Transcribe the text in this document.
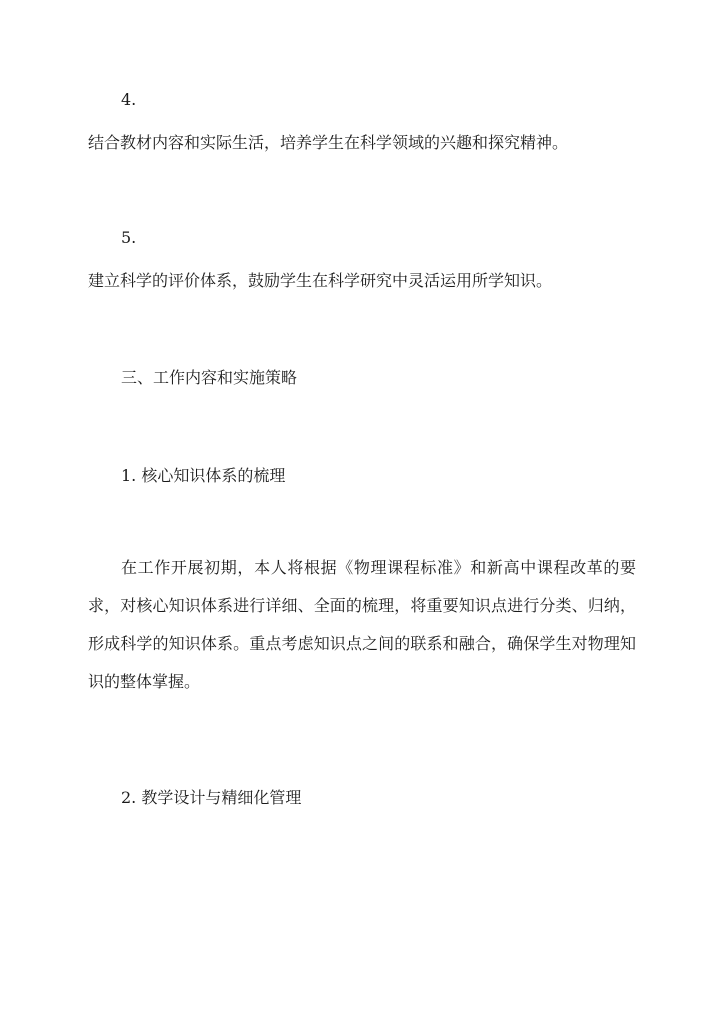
4.

结合教材内容和实际生活，培养学生在科学领域的兴趣和探究精神。

5.

建立科学的评价体系，鼓励学生在科学研究中灵活运用所学知识。

三、工作内容和实施策略

1. 核心知识体系的梳理

在工作开展初期，本人将根据《物理课程标准》和新高中课程改革的要求，对核心知识体系进行详细、全面的梳理，将重要知识点进行分类、归纳，形成科学的知识体系。重点考虑知识点之间的联系和融合，确保学生对物理知识的整体掌握。

2. 教学设计与精细化管理
